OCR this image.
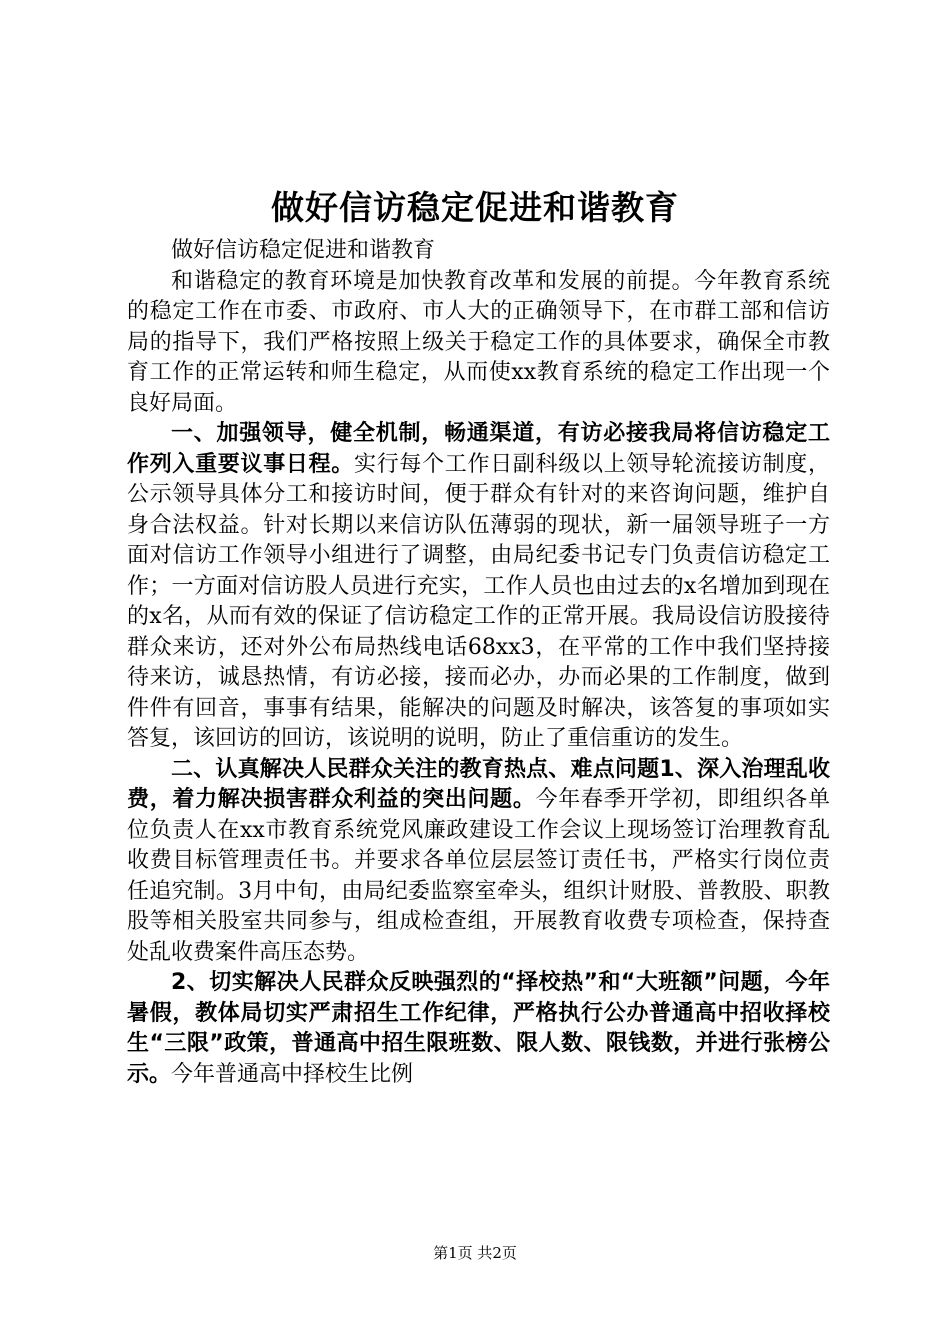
做好信访稳定促进和谐教育

做好信访稳定促进和谐教育

和谐稳定的教育环境是加快教育改革和发展的前提。今年教育系统的稳定工作在市委、市政府、市人大的正确领导下，在市群工部和信访局的指导下，我们严格按照上级关于稳定工作的具体要求，确保全市教育工作的正常运转和师生稳定，从而使xx教育系统的稳定工作出现一个良好局面。

一、加强领导，健全机制，畅通渠道，有访必接我局将信访稳定工作列入重要议事日程。实行每个工作日副科级以上领导轮流接访制度，公示领导具体分工和接访时间，便于群众有针对的来咨询问题，维护自身合法权益。针对长期以来信访队伍薄弱的现状，新一届领导班子一方面对信访工作领导小组进行了调整，由局纪委书记专门负责信访稳定工作；一方面对信访股人员进行充实，工作人员也由过去的x名增加到现在的x名，从而有效的保证了信访稳定工作的正常开展。我局设信访股接待群众来访，还对外公布局热线电话68xx3，在平常的工作中我们坚持接待来访，诚恳热情，有访必接，接而必办，办而必果的工作制度，做到件件有回音，事事有结果，能解决的问题及时解决，该答复的事项如实答复，该回访的回访，该说明的说明，防止了重信重访的发生。

二、认真解决人民群众关注的教育热点、难点问题1、深入治理乱收费，着力解决损害群众利益的突出问题。今年春季开学初，即组织各单位负责人在xx市教育系统党风廉政建设工作会议上现场签订治理教育乱收费目标管理责任书。并要求各单位层层签订责任书，严格实行岗位责任追究制。3月中旬，由局纪委监察室牵头，组织计财股、普教股、职教股等相关股室共同参与，组成检查组，开展教育收费专项检查，保持查处乱收费案件高压态势。

2、切实解决人民群众反映强烈的“择校热”和“大班额”问题，今年暑假，教体局切实严肃招生工作纪律，严格执行公办普通高中招收择校生“三限”政策，普通高中招生限班数、限人数、限钱数，并进行张榜公示。今年普通高中择校生比例

第1页 共2页
